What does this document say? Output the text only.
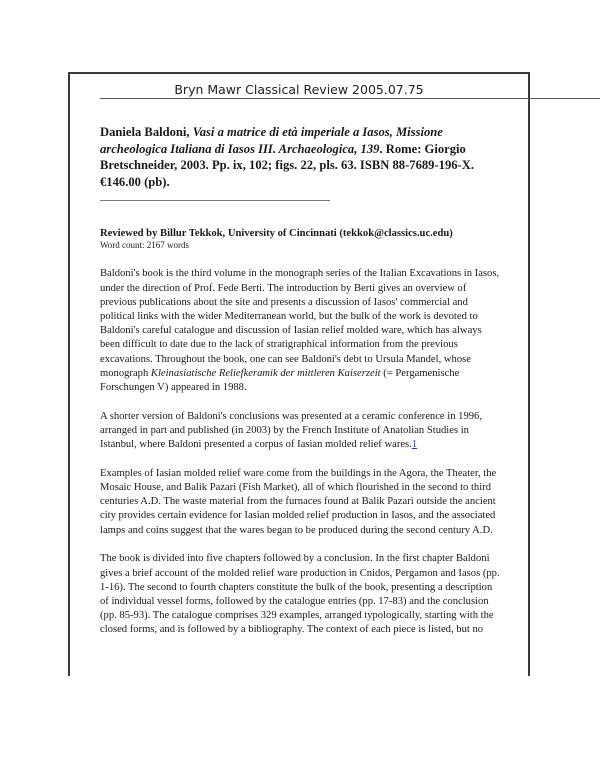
Bryn Mawr Classical Review 2005.07.75

Daniela Baldoni, Vasi a matrice di età imperiale a Iasos, Missione archeologica Italiana di Iasos III. Archaeologica, 139. Rome: Giorgio Bretschneider, 2003. Pp. ix, 102; figs. 22, pls. 63. ISBN 88-7689-196-X. €146.00 (pb).

Reviewed by Billur Tekkok, University of Cincinnati (tekkok@classics.uc.edu)

Word count: 2167 words

Baldoni's book is the third volume in the monograph series of the Italian Excavations in Iasos, under the direction of Prof. Fede Berti. The introduction by Berti gives an overview of previous publications about the site and presents a discussion of Iasos' commercial and political links with the wider Mediterranean world, but the bulk of the work is devoted to Baldoni's careful catalogue and discussion of Iasian relief molded ware, which has always been difficult to date due to the lack of stratigraphical information from the previous excavations. Throughout the book, one can see Baldoni's debt to Ursula Mandel, whose monograph Kleinasiatische Reliefkeramik der mittleren Kaiserzeit (= Pergamenische Forschungen V) appeared in 1988.

A shorter version of Baldoni's conclusions was presented at a ceramic conference in 1996, arranged in part and published (in 2003) by the French Institute of Anatolian Studies in Istanbul, where Baldoni presented a corpus of Iasian molded relief wares.1

Examples of Iasian molded relief ware come from the buildings in the Agora, the Theater, the Mosaic House, and Balik Pazari (Fish Market), all of which flourished in the second to third centuries A.D. The waste material from the furnaces found at Balik Pazari outside the ancient city provides certain evidence for Iasian molded relief production in Iasos, and the associated lamps and coins suggest that the wares began to be produced during the second century A.D.

The book is divided into five chapters followed by a conclusion. In the first chapter Baldoni gives a brief account of the molded relief ware production in Cnidos, Pergamon and Iasos (pp. 1-16). The second to fourth chapters constitute the bulk of the book, presenting a description of individual vessel forms, followed by the catalogue entries (pp. 17-83) and the conclusion (pp. 85-93). The catalogue comprises 329 examples, arranged typologically, starting with the closed forms, and is followed by a bibliography. The context of each piece is listed, but no
